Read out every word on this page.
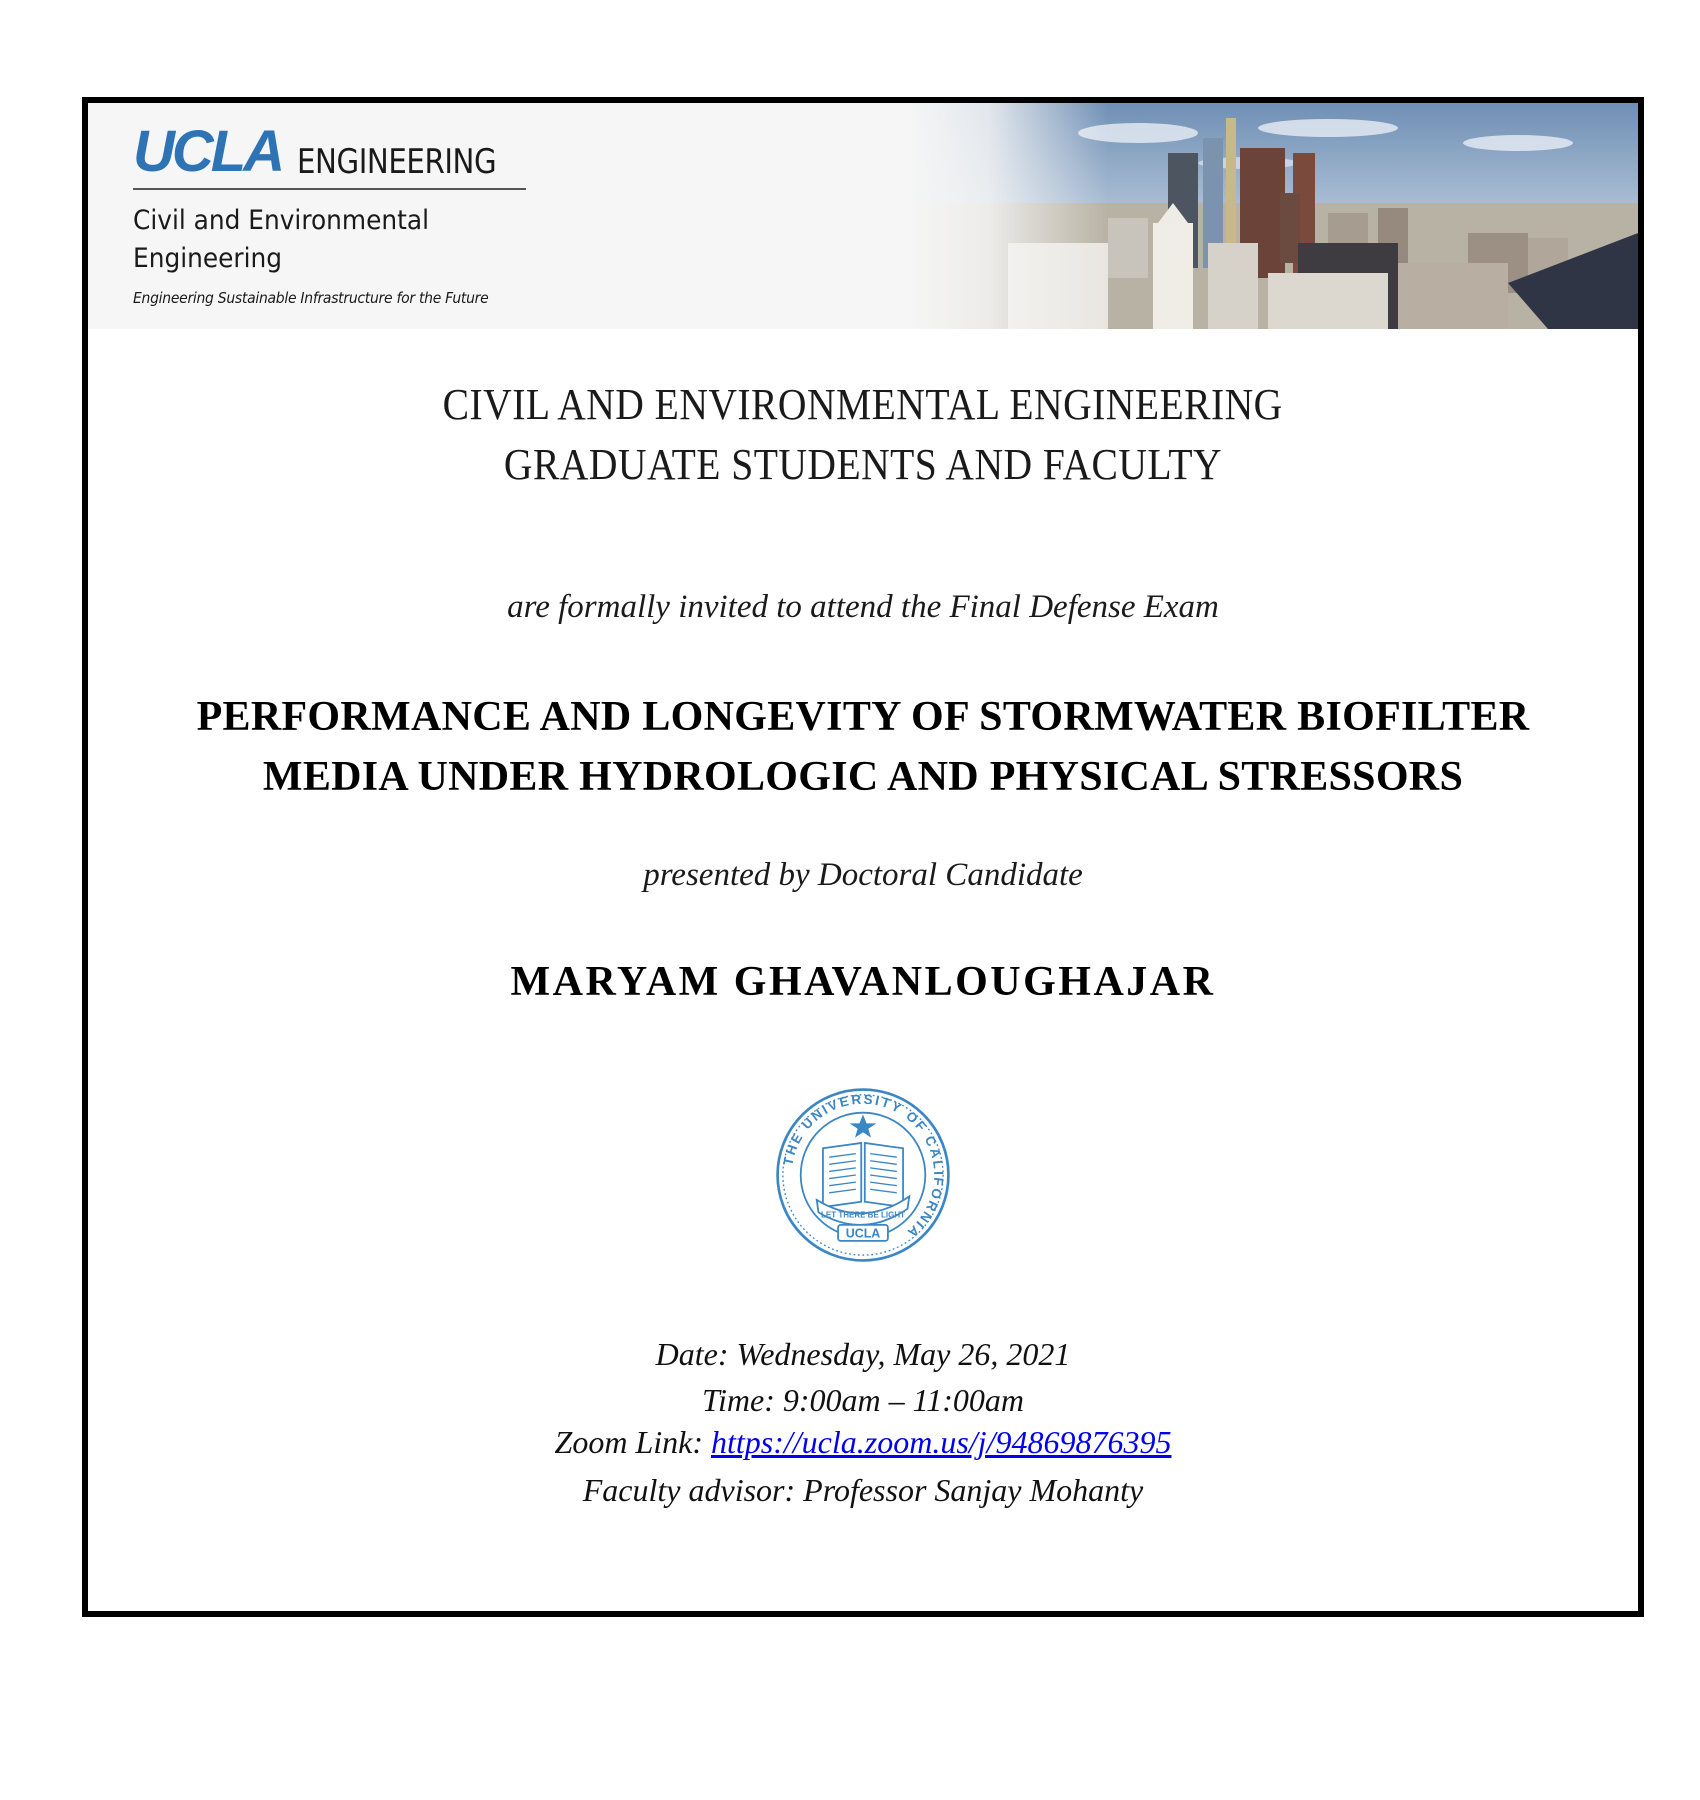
UCLA ENGINEERING
Civil and Environmental
Engineering
Engineering Sustainable Infrastructure for the Future
CIVIL AND ENVIRONMENTAL ENGINEERING
GRADUATE STUDENTS AND FACULTY
are formally invited to attend the Final Defense Exam
PERFORMANCE AND LONGEVITY OF STORMWATER BIOFILTER
MEDIA UNDER HYDROLOGIC AND PHYSICAL STRESSORS
presented by Doctoral Candidate
MARYAM GHAVANLOUGHAJAR
THE UNIVERSITY OF CALIFORNIA
LET THERE BE LIGHT
UCLA
Date: Wednesday, May 26, 2021
Time: 9:00am – 11:00am
Zoom Link: https://ucla.zoom.us/j/94869876395
Faculty advisor: Professor Sanjay Mohanty
